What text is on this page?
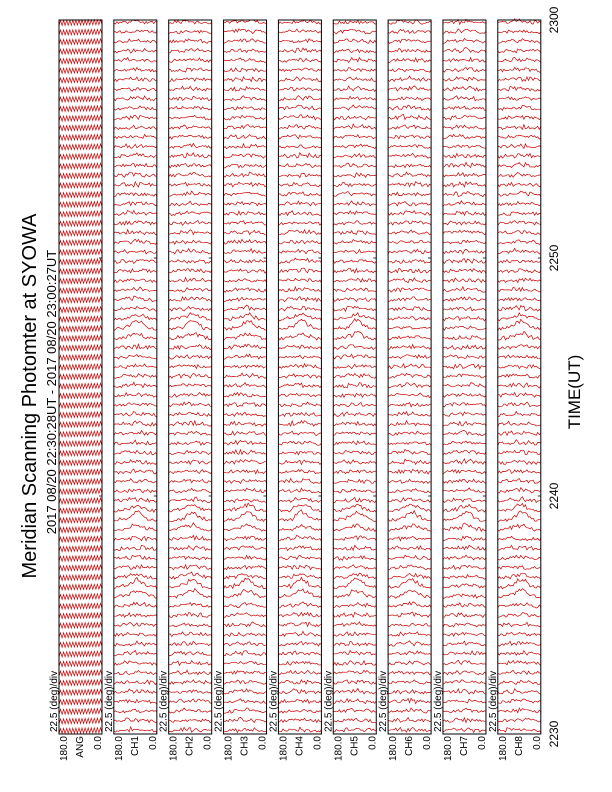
22.5 (deg)/div
180.0 0.0
ANG
22.5 (deg)/div
180.0 0.0
CH1
22.5 (deg)/div
180.0 0.0
CH2
22.5 (deg)/div
180.0 0.0
CH3
22.5 (deg)/div
180.0 0.0
CH4
22.5 (deg)/div
180.0 0.0
CH5
22.5 (deg)/div
180.0 0.0
CH6
22.5 (deg)/div
180.0 0.0
CH7
22.5 (deg)/div
180.0 0.0
CH8 2230
2240
2250
2300
Meridian Scanning Photomter at SYOWA 2017 08/20 22:30:28UT - 2017 08/20 23:00:27UT	TIME(UT)
